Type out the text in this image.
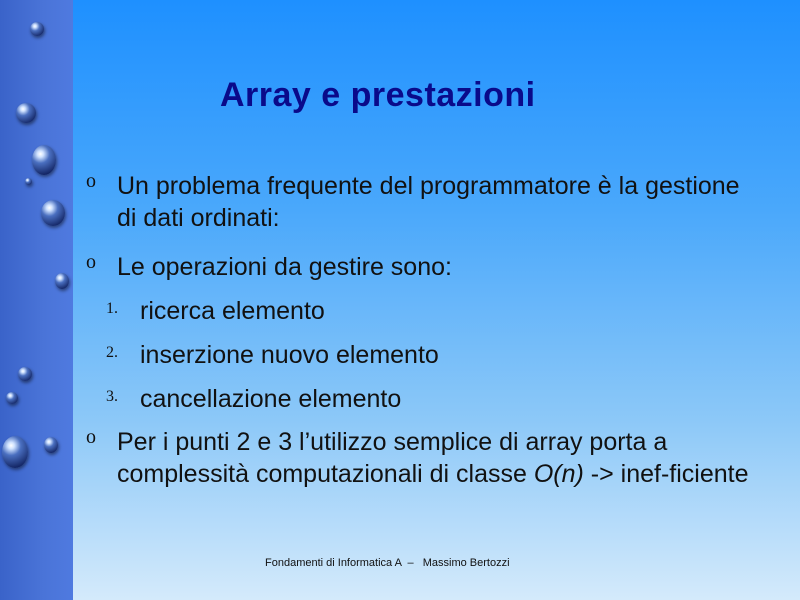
Array e prestazioni
o Un problema frequente del programmatore è la gestione di dati ordinati:
o Le operazioni da gestire sono:
1. ricerca elemento
2. inserzione nuovo elemento
3. cancellazione elemento
o Per i punti 2 e 3 l’utilizzo semplice di array porta a complessità computazionali di classe O(n) -> inef-ficiente
Fondamenti di Informatica A  –   Massimo Bertozzi
